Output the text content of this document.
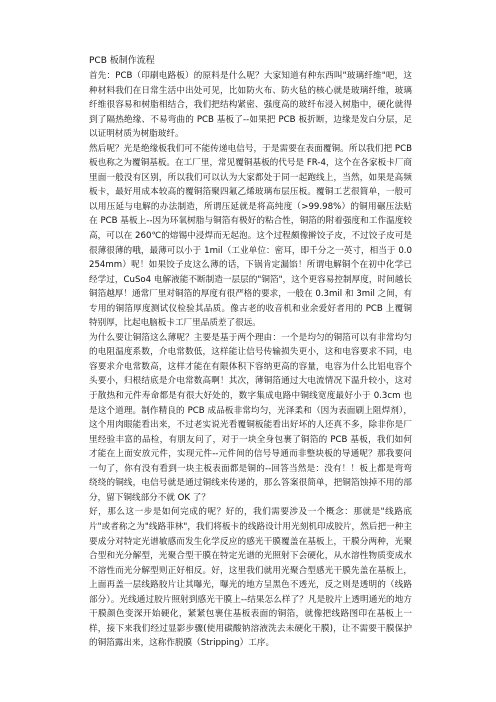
PCB 板制作流程

首先：PCB（印刷电路板）的原料是什么呢？大家知道有种东西叫"玻璃纤维"吧，这种材料我们在日常生活中出处可见，比如防火布、防火毡的核心就是玻璃纤维，玻璃纤维很容易和树脂相结合，我们把结构紧密、强度高的玻纤布浸入树脂中，硬化就得到了隔热绝缘、不易弯曲的 PCB 基板了--如果把 PCB 板折断，边缘是发白分层，足以证明材质为树脂玻纤。

然后呢？光是绝缘板我们可不能传递电信号，于是需要在表面覆铜。所以我们把 PCB 板也称之为覆铜基板。在工厂里，常见覆铜基板的代号是 FR-4，这个在各家板卡厂商里面一般没有区别，所以我们可以认为大家都处于同一起跑线上，当然，如果是高频板卡，最好用成本较高的覆铜箔聚四氟乙烯玻璃布层压板。覆铜工艺很简单，一般可以用压延与电解的办法制造，所谓压延就是将高纯度（>99.98%）的铜用碾压法贴在 PCB 基板上--因为环氧树脂与铜箔有极好的粘合性，铜箔的附着强度和工作温度较高，可以在 260℃的熔锡中浸焊而无起泡。这个过程颇像擀饺子皮，不过饺子皮可是很薄很薄的哦，最薄可以小于 1mil（工业单位：密耳，即千分之一英寸，相当于 0.0254mm）呢！如果饺子皮这么薄的话，下锅肯定漏馅！所谓电解铜个在初中化学已经学过，CuSo4 电解液能不断制造一层层的"铜箔"，这个更容易控制厚度，时间越长铜箔越厚！通常厂里对铜箔的厚度有很严格的要求，一般在 0.3mil 和 3mil 之间，有专用的铜箔厚度测试仪检验其品质。像古老的收音机和业余爱好者用的 PCB 上覆铜特别厚，比起电脑板卡工厂里品质差了很远。

为什么要让铜箔这么薄呢？主要是基于两个理由：一个是均匀的铜箔可以有非常均匀的电阻温度系数，介电常数低，这样能让信号传输损失更小，这和电容要求不同，电容要求介电常数高，这样才能在有限体积下容纳更高的容量，电容为什么比铝电容个头要小，归根结底是介电常数高啊！其次，薄铜箔通过大电流情况下温升较小，这对于散热和元件寿命都是有很大好处的，数字集成电路中铜线宽度最好小于 0.3cm 也是这个道理。制作精良的 PCB 成品板非常均匀，光泽柔和（因为表面刷上阻焊剂），这个用肉眼能看出来，不过老实说光看覆铜板能看出好坏的人还真不多，除非你是厂里经验丰富的品检，有朋友问了，对于一块全身包裹了铜箔的 PCB 基板，我们如何才能在上面安放元件，实现元件--元件间的信号导通而非整块板的导通呢？那我要问一句了，你有没有看到一块主板表面都是铜的--回答当然是：没有！！板上都是弯弯绕绕的铜线，电信号就是通过铜线来传递的，那么答案很简单，把铜箔蚀掉不用的部分，留下铜线部分不就 OK 了？

好，那么这一步是如何完成的呢？好的，我们需要涉及一个概念：那就是"线路底片"或者称之为"线路菲林"，我们将板卡的线路设计用光刻机印成胶片，然后把一种主要成分对特定光谱敏感而发生化学反应的感光干膜覆盖在基板上，干膜分两种，光聚合型和光分解型，光聚合型干膜在特定光谱的光照射下会硬化，从水溶性物质变成水不溶性而光分解型则正好相反。好，这里我们就用光聚合型感光干膜先盖在基板上，上面再盖一层线路胶片让其曝光，曝光的地方呈黑色不透光，反之则是透明的（线路部分）。光线通过胶片照射到感光干膜上--结果怎么样了？凡是胶片上透明通光的地方干膜颜色变深开始硬化，紧紧包裹住基板表面的铜箔，就像把线路图印在基板上一样，接下来我们经过显影步骤(使用碳酸钠溶液洗去未硬化干膜)，让不需要干膜保护的铜箔露出来，这称作脱膜（Stripping）工序。
